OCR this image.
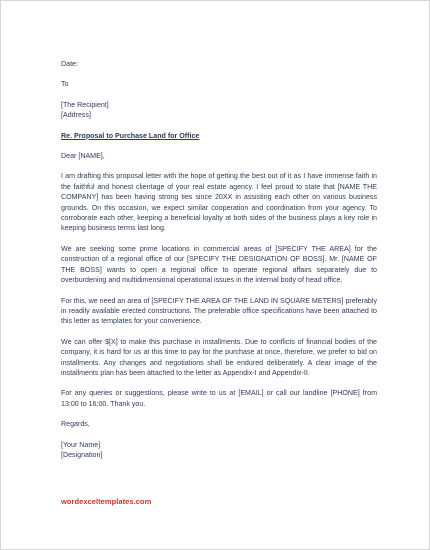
Date:
To
[The Recipient]
[Address]
Re. Proposal to Purchase Land for Office
Dear [NAME],

I am drafting this proposal letter with the hope of getting the best out of it as I have immense faith in the faithful and honest clientage of your real estate agency. I feel proud to state that [NAME THE COMPANY] has been having strong ties since 20XX in assisting each other on various business grounds. On this occasion, we expect similar cooperation and coordination from your agency. To corroborate each other, keeping a beneficial loyalty at both sides of the business plays a key role in keeping business terms last long.

We are seeking some prime locations in commercial areas of [SPECIFY THE AREA] for the construction of a regional office of our [SPECIFY THE DESIGNATION OF BOSS]. Mr. [NAME OF THE BOSS] wants to open a regional office to operate regional affairs separately due to overburdening and multidimensional operational issues in the internal body of head office.

For this, we need an area of [SPECIFY THE AREA OF THE LAND IN SQUARE METERS] preferably in readily available erected constructions. The preferable office specifications have been attached to this letter as templates for your convenience.

We can offer $[X] to make this purchase in installments. Due to conflicts of financial bodies of the company, it is hard for us at this time to pay for the purchase at once, therefore, we prefer to bid on installments. Any changes and negotiations shall be endured deliberately. A clear image of the installments plan has been attached to the letter as Appendix-I and Appendix-II.

For any queries or suggestions, please write to us at [EMAIL] or call our landline [PHONE] from 13:00 to 16:00. Thank you.

Regards,
[Your Name]
[Designation]
wordexceltemplates.com
